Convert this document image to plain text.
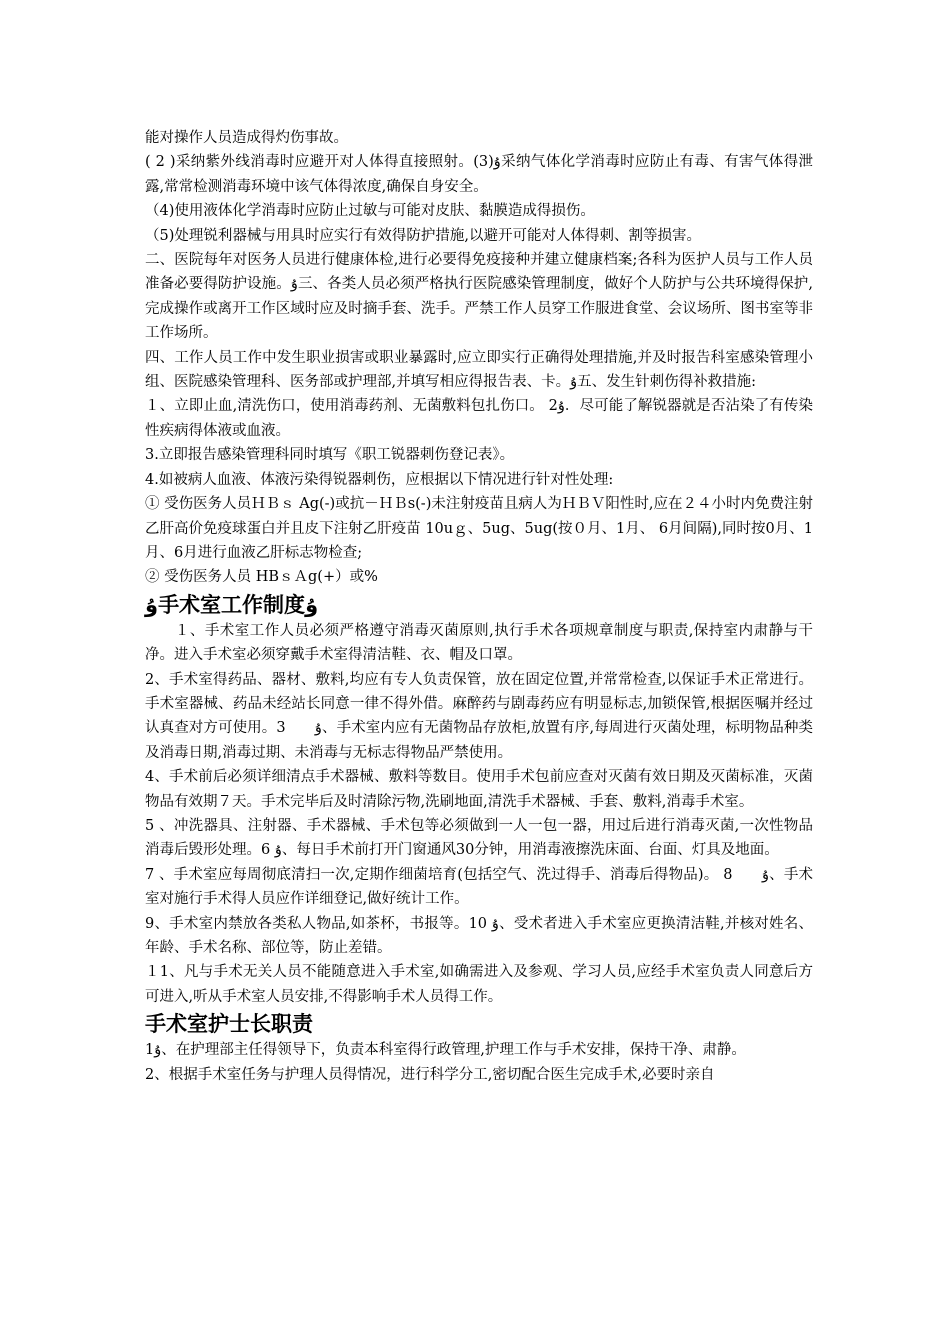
能对操作人员造成得灼伤事故。

( 2 )采纳紫外线消毒时应避开对人体得直接照射。(3)ۇ采纳气体化学消毒时应防止有毒、有害气体得泄露,常常检测消毒环境中该气体得浓度,确保自身安全。

（4)使用液体化学消毒时应防止过敏与可能对皮肤、黏膜造成得损伤。

（5)处理锐利器械与用具时应实行有效得防护措施,以避开可能对人体得刺、割等损害。

二、医院每年对医务人员进行健康体检,进行必要得免疫接种并建立健康档案;各科为医护人员与工作人员准备必要得防护设施。ۇ三、各类人员必须严格执行医院感染管理制度，做好个人防护与公共环境得保护,完成操作或离开工作区域时应及时摘手套、洗手。严禁工作人员穿工作服进食堂、会议场所、图书室等非工作场所。

四、工作人员工作中发生职业损害或职业暴露时,应立即实行正确得处理措施,并及时报告科室感染管理小组、医院感染管理科、医务部或护理部,并填写相应得报告表、卡。ۇ五、发生针刺伤得补救措施:

１、立即止血,清洗伤口，使用消毒药剂、无菌敷料包扎伤口。 2ۇ．尽可能了解锐器就是否沾染了有传染性疾病得体液或血液。

3.立即报告感染管理科同时填写《职工锐器刺伤登记表》。

4.如被病人血液、体液污染得锐器刺伤，应根据以下情况进行针对性处理:

① 受伤医务人员ＨＢｓ Ag(-)或抗－ＨＢs(-)未注射疫苗且病人为ＨＢＶ阳性时,应在２４小时内免费注射乙肝高价免疫球蛋白并且皮下注射乙肝疫苗 10uｇ、5ug、5ug(按０月、1月、 6月间隔),同时按0月、1月、6月进行血液乙肝标志物检查;

② 受伤医务人员 HBｓＡg(+）或%

ۇ手术室工作制度ۇ

　　１、手术室工作人员必须严格遵守消毒灭菌原则,执行手术各项规章制度与职责,保持室内肃静与干净。进入手术室必须穿戴手术室得清洁鞋、衣、帽及口罩。

2、手术室得药品、器材、敷料,均应有专人负责保管，放在固定位置,并常常检查,以保证手术正常进行。手术室器械、药品未经站长同意一律不得外借。麻醉药与剧毒药应有明显标志,加锁保管,根据医嘱并经过认真查对方可使用。3　　ۇ、手术室内应有无菌物品存放柜,放置有序,每周进行灭菌处理，标明物品种类及消毒日期,消毒过期、未消毒与无标志得物品严禁使用。

4、手术前后必须详细清点手术器械、敷料等数目。使用手术包前应查对灭菌有效日期及灭菌标准，灭菌物品有效期７天。手术完毕后及时清除污物,洗刷地面,清洗手术器械、手套、敷料,消毒手术室。

5 、冲洗器具、注射器、手术器械、手术包等必须做到一人一包一器，用过后进行消毒灭菌,一次性物品消毒后毁形处理。6 ۇ、每日手术前打开门窗通风30分钟，用消毒液擦洗床面、台面、灯具及地面。

7 、手术室应每周彻底清扫一次,定期作细菌培育(包括空气、洗过得手、消毒后得物品)。 8　　ۇ、手术室对施行手术得人员应作详细登记,做好统计工作。

9、手术室内禁放各类私人物品,如茶杯，书报等。10 ۇ、受术者进入手术室应更换清洁鞋,并核对姓名、年龄、手术名称、部位等，防止差错。

１1、凡与手术无关人员不能随意进入手术室,如确需进入及参观、学习人员,应经手术室负责人同意后方可进入,听从手术室人员安排,不得影响手术人员得工作。

手术室护士长职责

1ۇ、在护理部主任得领导下，负责本科室得行政管理,护理工作与手术安排，保持干净、肃静。

2、根据手术室任务与护理人员得情况，进行科学分工,密切配合医生完成手术,必要时亲自
